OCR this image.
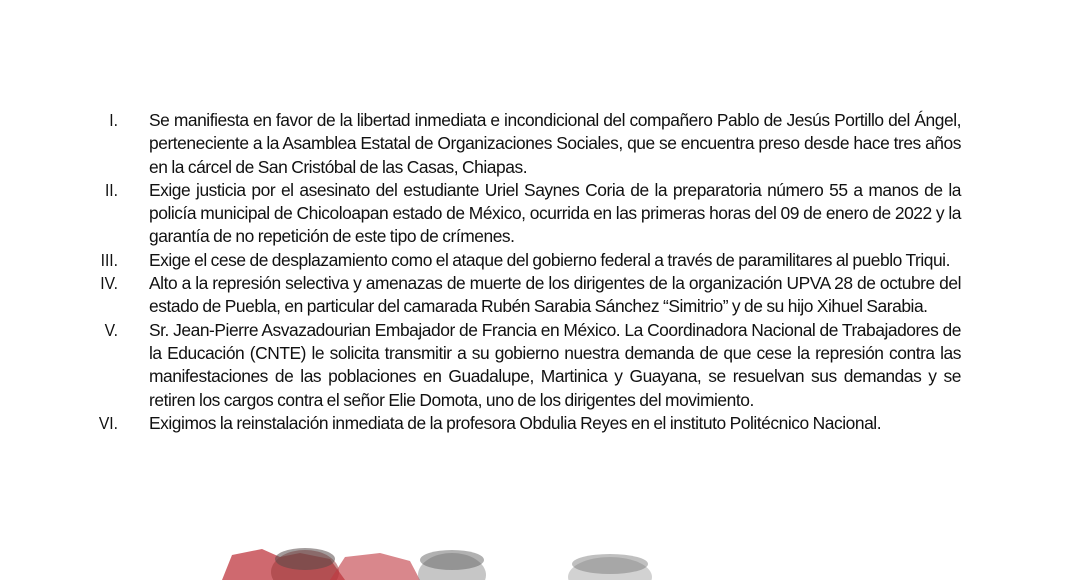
I. Se manifiesta en favor de la libertad inmediata e incondicional del compañero Pablo de Jesús Portillo del Ángel, perteneciente a la Asamblea Estatal de Organizaciones Sociales, que se encuentra preso desde hace tres años en la cárcel de San Cristóbal de las Casas, Chiapas.
II. Exige justicia por el asesinato del estudiante Uriel Saynes Coria de la preparatoria número 55 a manos de la policía municipal de Chicoloapan estado de México, ocurrida en las primeras horas del 09 de enero de 2022 y la garantía de no repetición de este tipo de crímenes.
III. Exige el cese de desplazamiento como el ataque del gobierno federal a través de paramilitares al pueblo Triqui.
IV. Alto a la represión selectiva y amenazas de muerte de los dirigentes de la organización UPVA 28 de octubre del estado de Puebla, en particular del camarada Rubén Sarabia Sánchez “Simitrio” y de su hijo Xihuel Sarabia.
V. Sr. Jean-Pierre Asvazadourian Embajador de Francia en México. La Coordinadora Nacional de Trabajadores de la Educación (CNTE) le solicita transmitir a su gobierno nuestra demanda de que cese la represión contra las manifestaciones de las poblaciones en Guadalupe, Martinica y Guayana, se resuelvan sus demandas y se retiren los cargos contra el señor Elie Domota, uno de los dirigentes del movimiento.
VI. Exigimos la reinstalación inmediata de la profesora Obdulia Reyes en el instituto Politécnico Nacional.
